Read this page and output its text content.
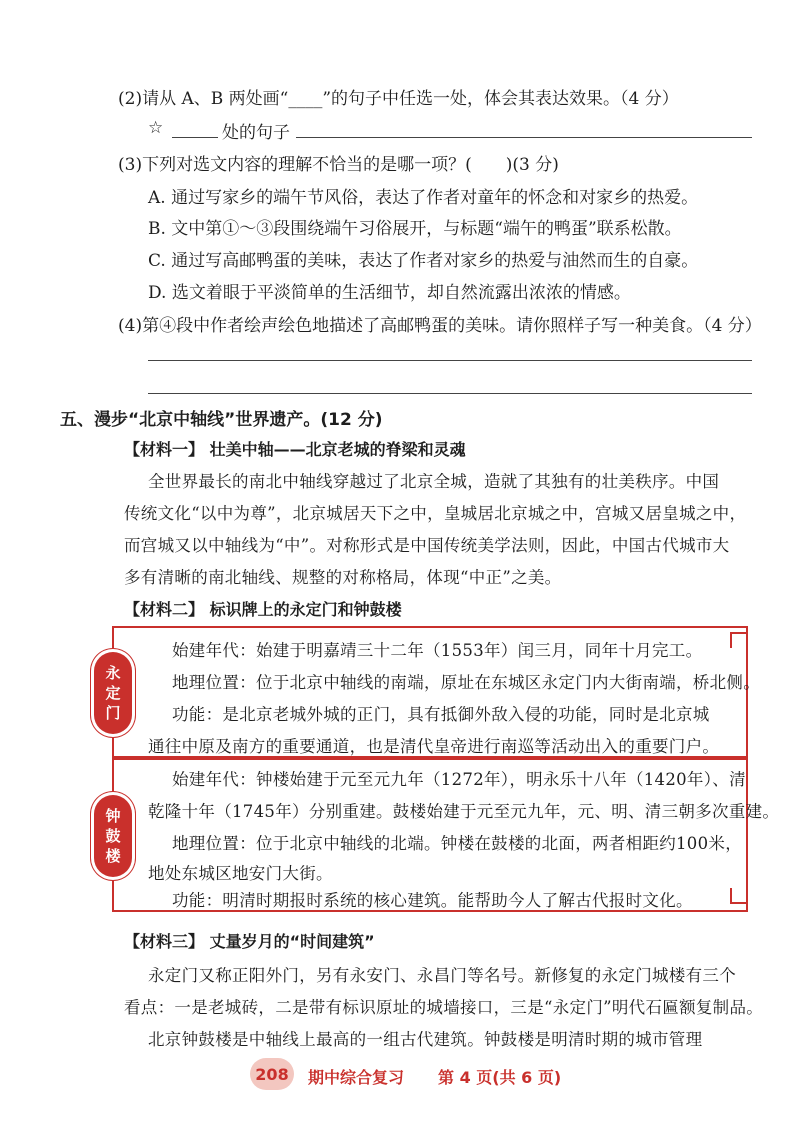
(2)请从 A、B 两处画“____”的句子中任选一处，体会其表达效果。（4 分）
☆	处的句子
(3)下列对选文内容的理解不恰当的是哪一项？(　　)(3 分)
A. 通过写家乡的端午节风俗，表达了作者对童年的怀念和对家乡的热爱。
B. 文中第①～③段围绕端午习俗展开，与标题“端午的鸭蛋”联系松散。
C. 通过写高邮鸭蛋的美味，表达了作者对家乡的热爱与油然而生的自豪。
D. 选文着眼于平淡简单的生活细节，却自然流露出浓浓的情感。
(4)第④段中作者绘声绘色地描述了高邮鸭蛋的美味。请你照样子写一种美食。（4 分）
五、漫步“北京中轴线”世界遗产。(12 分)
【材料一】 壮美中轴——北京老城的脊梁和灵魂
全世界最长的南北中轴线穿越过了北京全城，造就了其独有的壮美秩序。中国
传统文化“以中为尊”，北京城居天下之中，皇城居北京城之中，宫城又居皇城之中，
而宫城又以中轴线为“中”。对称形式是中国传统美学法则，因此，中国古代城市大
多有清晰的南北轴线、规整的对称格局，体现“中正”之美。
【材料二】 标识牌上的永定门和钟鼓楼
永
定
门
钟
鼓
楼
始建年代：始建于明嘉靖三十二年（1553年）闰三月，同年十月完工。
地理位置：位于北京中轴线的南端，原址在东城区永定门内大街南端，桥北侧。
功能：是北京老城外城的正门，具有抵御外敌入侵的功能，同时是北京城
通往中原及南方的重要通道，也是清代皇帝进行南巡等活动出入的重要门户。
始建年代：钟楼始建于元至元九年（1272年），明永乐十八年（1420年）、清
乾隆十年（1745年）分别重建。鼓楼始建于元至元九年，元、明、清三朝多次重建。
地理位置：位于北京中轴线的北端。钟楼在鼓楼的北面，两者相距约100米，
地处东城区地安门大街。
功能：明清时期报时系统的核心建筑。能帮助今人了解古代报时文化。
【材料三】 丈量岁月的“时间建筑”
永定门又称正阳外门，另有永安门、永昌门等名号。新修复的永定门城楼有三个
看点：一是老城砖，二是带有标识原址的城墙接口，三是“永定门”明代石匾额复制品。
北京钟鼓楼是中轴线上最高的一组古代建筑。钟鼓楼是明清时期的城市管理
208	期中综合复习 第 4 页(共 6 页)
